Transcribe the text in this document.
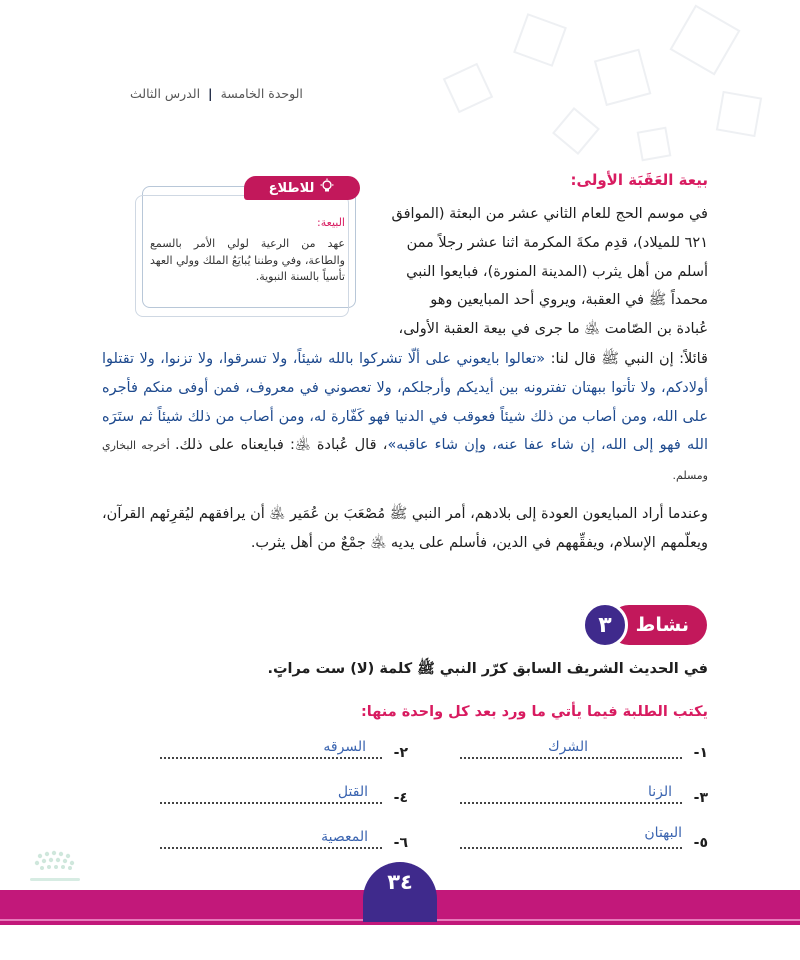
الوحدة الخامسة | الدرس الثالث
بيعة العَقَبَة الأولى:
في موسم الحج للعام الثاني عشر من البعثة (الموافق
٦٢١ للميلاد)، قدِم مكةَ المكرمة اثنا عشر رجلاً ممن
أسلم من أهل يثرب (المدينة المنورة)، فبايعوا النبي
محمداً ﷺ في العقبة، ويروي أحد المبايعين وهو
عُبادة بن الصّامت ﵁ ما جرى في بيعة العقبة الأولى،
للاطلاع
البيعة:
عهد من الرعية لولي الأمر بالسمع والطاعة، وفي وطننا يُبايَعُ الملك وولي العهد تأسياً بالسنة النبوية.
قائلاً: إن النبي ﷺ قال لنا: «تعالوا بايعوني على ألّا تشركوا بالله شيئاً، ولا تسرقوا، ولا تزنوا، ولا تقتلوا أولادكم، ولا تأتوا ببهتان تفترونه بين أيديكم وأرجلكم، ولا تعصوني في معروف، فمن أوفى منكم فأجره على الله، ومن أصاب من ذلك شيئاً فعوقب في الدنيا فهو كَفّارة له، ومن أصاب من ذلك شيئاً ثم ستَرَه الله فهو إلى الله، إن شاء عفا عنه، وإن شاء عاقبه»، قال عُبادة ﵁: فبايعناه على ذلك. أخرجه البخاري ومسلم.
وعندما أراد المبايعون العودة إلى بلادهم، أمر النبي ﷺ مُصْعَبَ بن عُمَير ﵁ أن يرافقهم ليُقرِئهم القرآن، ويعلّمهم الإسلام، ويفقِّههم في الدين، فأسلم على يديه ﵁ جمْعٌ من أهل يثرب.
نشاط
٣
في الحديث الشريف السابق كرّر النبي ﷺ كلمة (لا) ست مراتٍ.
يكتب الطلبة فيما يأتي ما ورد بعد كل واحدة منها:
١-
الشرك
٢-
السرقه
٣-
الزنا
٤-
القتل
٥-
البهتان
٦-
المعصية
٣٤
